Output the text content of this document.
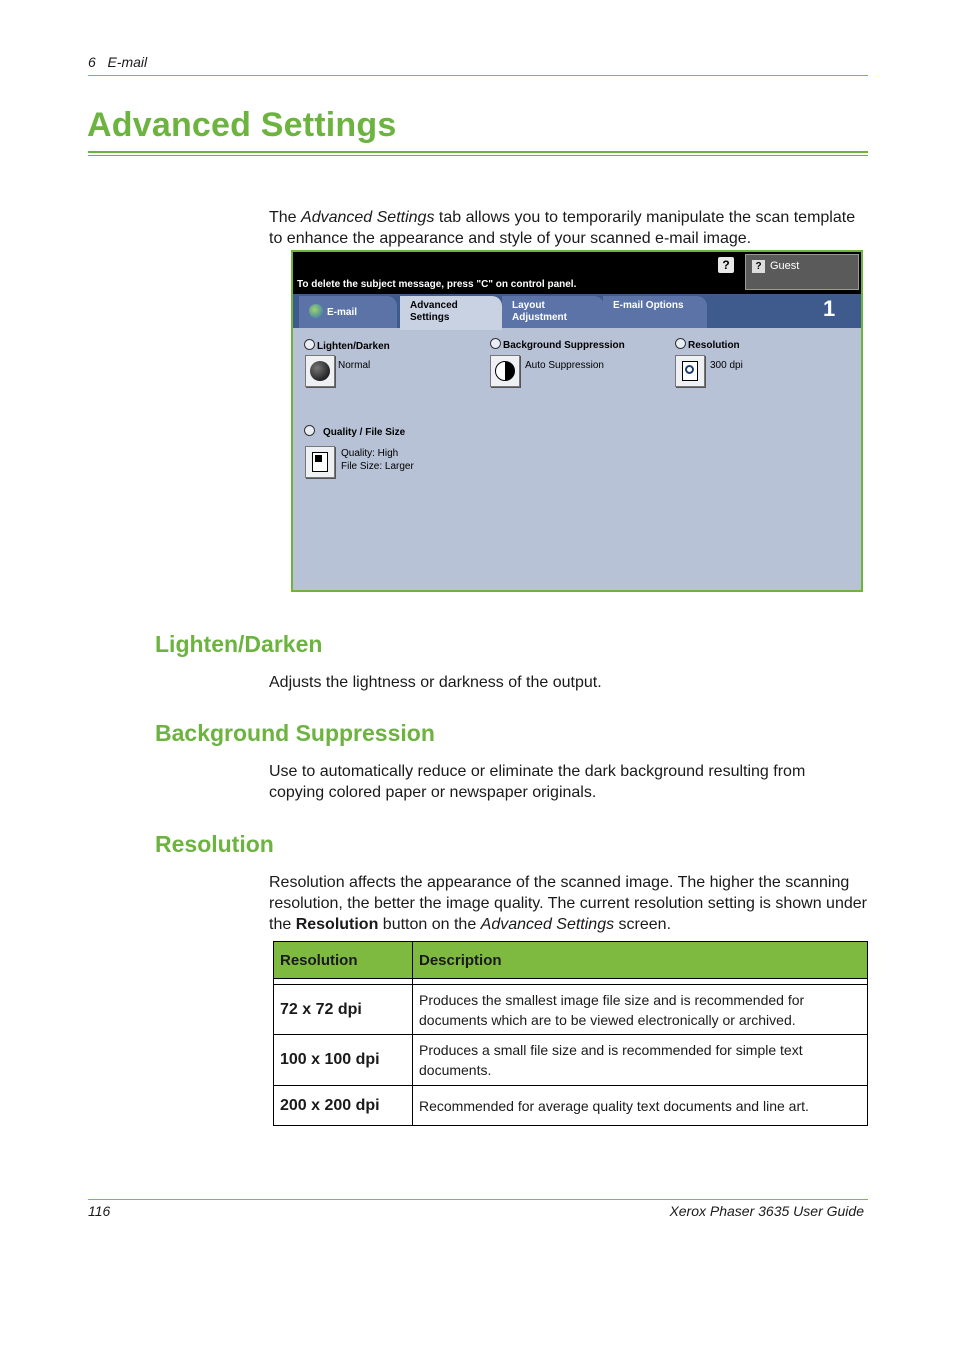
6 E-mail
Advanced Settings
The Advanced Settings tab allows you to temporarily manipulate the scan template to enhance the appearance and style of your scanned e-mail image.
To delete the subject message, press "C" on control panel.
?	? Guest
E-mail
Advanced
Settings
Layout
Adjustment
E-mail Options	1
Lighten/Darken
Normal
Background Suppression
Auto Suppression
Resolution
300 dpi
Quality / File Size
Quality: High
File Size: Larger
Lighten/Darken
Adjusts the lightness or darkness of the output.
Background Suppression
Use to automatically reduce or eliminate the dark background resulting from copying colored paper or newspaper originals.
Resolution
Resolution affects the appearance of the scanned image. The higher the scanning resolution, the better the image quality. The current resolution setting is shown under the Resolution button on the Advanced Settings screen.
Resolution	Description

72 x 72 dpi	Produces the smallest image file size and is recommended for documents which are to be viewed electronically or archived.
100 x 100 dpi	Produces a small file size and is recommended for simple text documents.
200 x 200 dpi	Recommended for average quality text documents and line art.
116	Xerox Phaser 3635 User Guide
